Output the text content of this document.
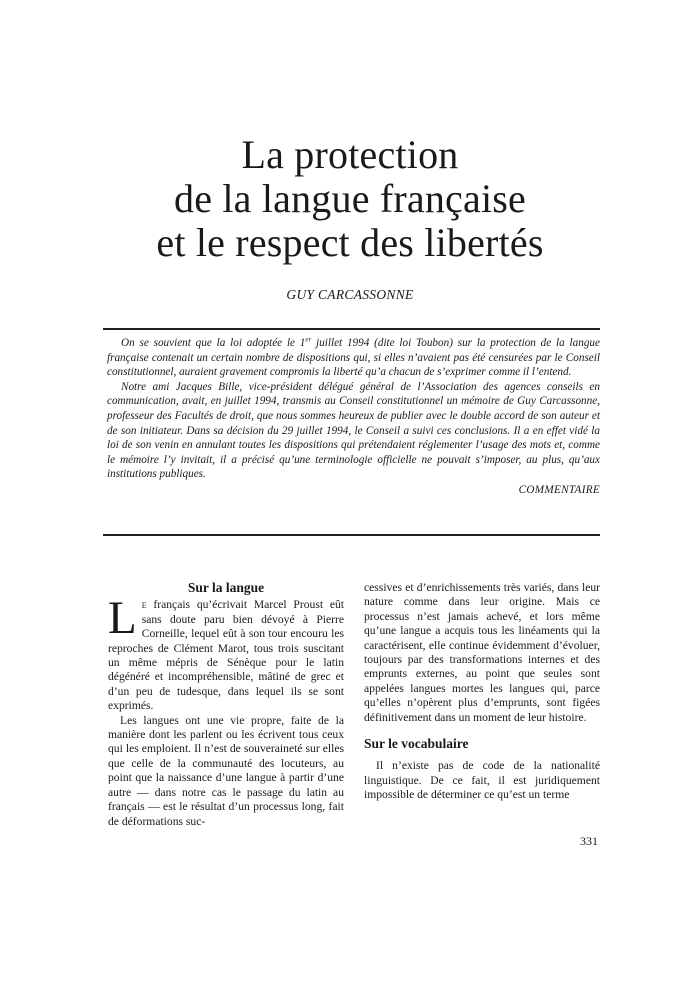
La protection
de la langue française
et le respect des libertés
GUY CARCASSONNE

On se souvient que la loi adoptée le 1er juillet 1994 (dite loi Toubon) sur la protection de la langue française contenait un certain nombre de dispositions qui, si elles n’avaient pas été censurées par le Conseil constitutionnel, auraient gravement compromis la liberté qu’a chacun de s’exprimer comme il l’entend.

Notre ami Jacques Bille, vice-président délégué général de l’Association des agences conseils en communication, avait, en juillet 1994, transmis au Conseil constitutionnel un mémoire de Guy Carcassonne, professeur des Facultés de droit, que nous sommes heureux de publier avec le double accord de son auteur et de son initiateur. Dans sa décision du 29 juillet 1994, le Conseil a suivi ces conclusions. Il a en effet vidé la loi de son venin en annulant toutes les dispositions qui prétendaient réglementer l’usage des mots et, comme le mémoire l’y invitait, il a précisé qu’une terminologie officielle ne pouvait s’imposer, au plus, qu’aux institutions publiques.

COMMENTAIRE

Sur la langue

Le français qu’écrivait Marcel Proust eût sans doute paru bien dévoyé à Pierre Corneille, lequel eût à son tour encouru les reproches de Clément Marot, tous trois suscitant un même mépris de Sénèque pour le latin dégénéré et incompréhensible, mâtiné de grec et d’un peu de tudesque, dans lequel ils se sont exprimés.

Les langues ont une vie propre, faite de la manière dont les parlent ou les écrivent tous ceux qui les emploient. Il n’est de souveraineté sur elles que celle de la communauté des locuteurs, au point que la naissance d’une langue à partir d’une autre — dans notre cas le passage du latin au français — est le résultat d’un processus long, fait de déformations suc-

cessives et d’enrichissements très variés, dans leur nature comme dans leur origine. Mais ce processus n’est jamais achevé, et lors même qu’une langue a acquis tous les linéaments qui la caractérisent, elle continue évidemment d’évoluer, toujours par des transformations internes et des emprunts externes, au point que seules sont appelées langues mortes les langues qui, parce qu’elles n’opèrent plus d’emprunts, sont figées définitivement dans un moment de leur histoire.

Sur le vocabulaire

Il n’existe pas de code de la nationalité linguistique. De ce fait, il est juridiquement impossible de déterminer ce qu’est un terme

331
